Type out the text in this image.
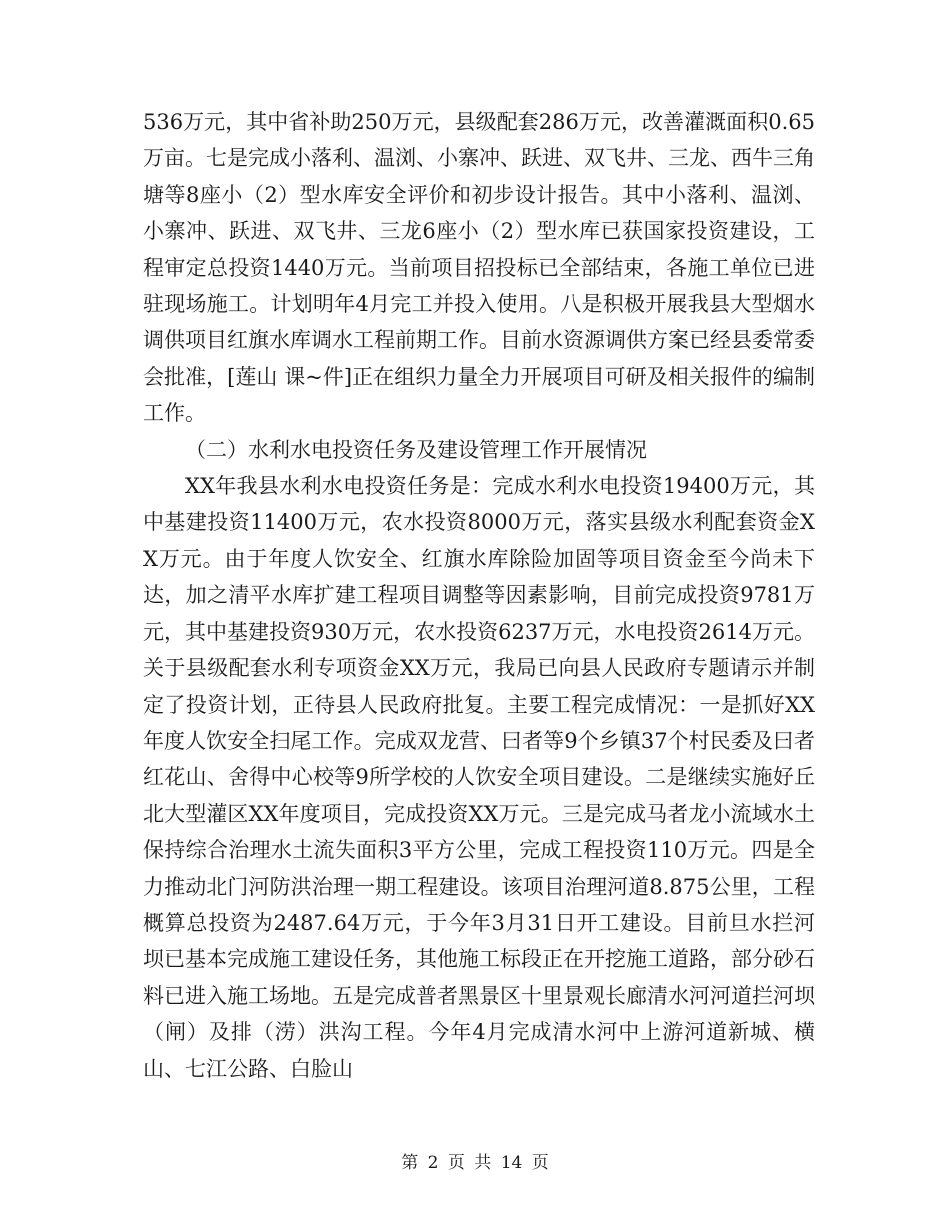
536万元，其中省补助250万元，县级配套286万元，改善灌溉面积0.65万亩。七是完成小落利、温浏、小寨冲、跃进、双飞井、三龙、西牛三角塘等8座小（2）型水库安全评价和初步设计报告。其中小落利、温浏、小寨冲、跃进、双飞井、三龙6座小（2）型水库已获国家投资建设，工程审定总投资1440万元。当前项目招投标已全部结束，各施工单位已进驻现场施工。计划明年4月完工并投入使用。八是积极开展我县大型烟水调供项目红旗水库调水工程前期工作。目前水资源调供方案已经县委常委会批准，[莲山 课~件]正在组织力量全力开展项目可研及相关报件的编制工作。

（二）水利水电投资任务及建设管理工作开展情况

XX年我县水利水电投资任务是：完成水利水电投资19400万元，其中基建投资11400万元，农水投资8000万元，落实县级水利配套资金XX万元。由于年度人饮安全、红旗水库除险加固等项目资金至今尚未下达，加之清平水库扩建工程项目调整等因素影响，目前完成投资9781万元，其中基建投资930万元，农水投资6237万元，水电投资2614万元。关于县级配套水利专项资金XX万元，我局已向县人民政府专题请示并制定了投资计划，正待县人民政府批复。主要工程完成情况：一是抓好XX年度人饮安全扫尾工作。完成双龙营、曰者等9个乡镇37个村民委及曰者红花山、舍得中心校等9所学校的人饮安全项目建设。二是继续实施好丘北大型灌区XX年度项目，完成投资XX万元。三是完成马者龙小流域水土保持综合治理水土流失面积3平方公里，完成工程投资110万元。四是全力推动北门河防洪治理一期工程建设。该项目治理河道8.875公里，工程概算总投资为2487.64万元，于今年3月31日开工建设。目前旦水拦河坝已基本完成施工建设任务，其他施工标段正在开挖施工道路，部分砂石料已进入施工场地。五是完成普者黑景区十里景观长廊清水河河道拦河坝（闸）及排（涝）洪沟工程。今年4月完成清水河中上游河道新城、横山、七江公路、白脸山

第 2 页 共 14 页
